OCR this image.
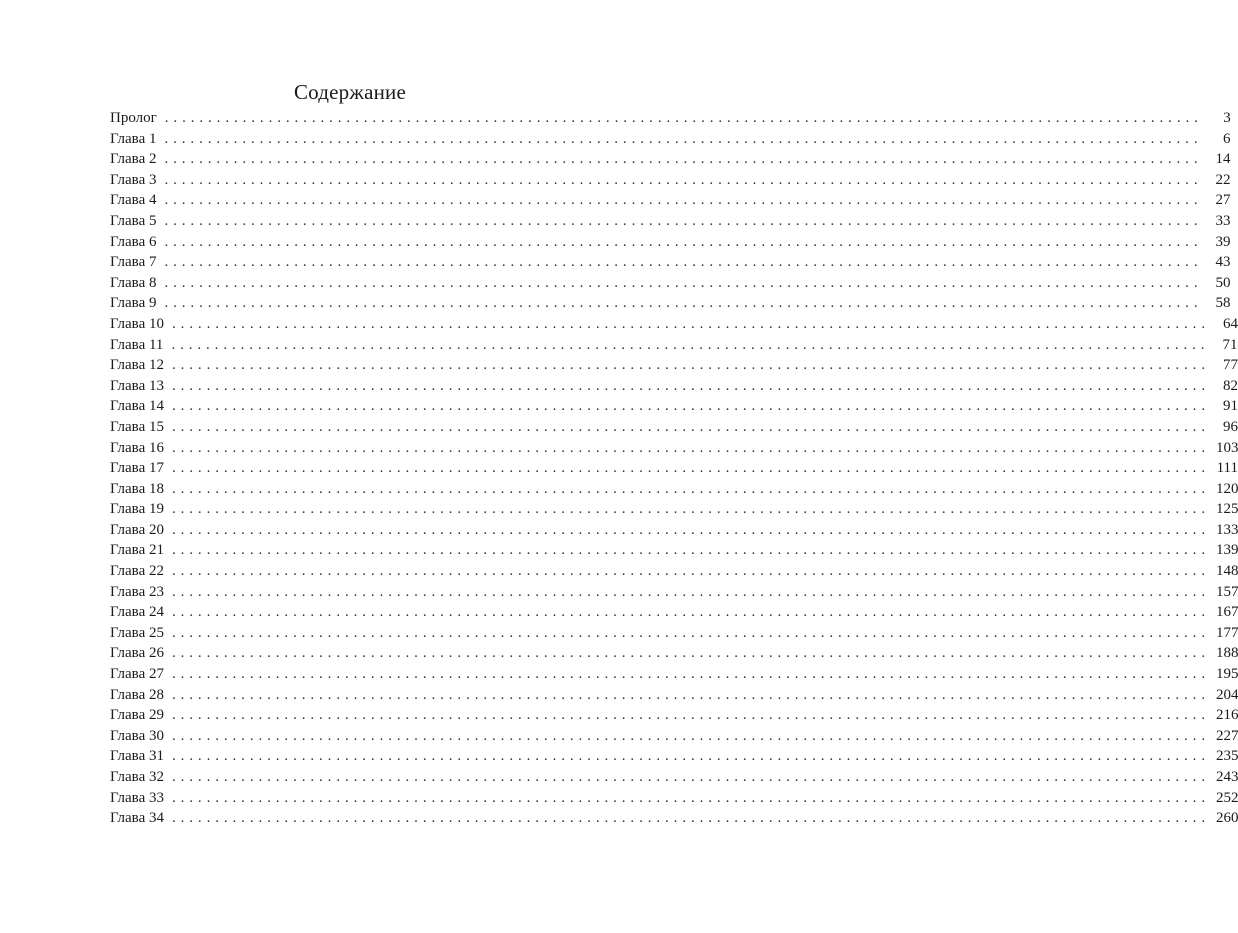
Содержание
Пролог ........................................................................................................................	3
Глава 1 ........................................................................................................................	6
Глава 2 ........................................................................................................................ 14
Глава 3 ........................................................................................................................ 22
Глава 4 ........................................................................................................................ 27
Глава 5 ........................................................................................................................ 33
Глава 6 ........................................................................................................................ 39
Глава 7 ........................................................................................................................ 43
Глава 8 ........................................................................................................................ 50
Глава 9 ........................................................................................................................ 58
Глава 10 ........................................................................................................................ 64
Глава 11 ........................................................................................................................ 71
Глава 12 ........................................................................................................................ 77
Глава 13 ........................................................................................................................ 82
Глава 14 ........................................................................................................................ 91
Глава 15 ........................................................................................................................ 96
Глава 16 ........................................................................................................................ 103
Глава 17 ........................................................................................................................ 111
Глава 18 ........................................................................................................................ 120
Глава 19 ........................................................................................................................ 125
Глава 20 ........................................................................................................................ 133
Глава 21 ........................................................................................................................ 139
Глава 22 ........................................................................................................................ 148
Глава 23 ........................................................................................................................ 157
Глава 24 ........................................................................................................................ 167
Глава 25 ........................................................................................................................ 177
Глава 26 ........................................................................................................................ 188
Глава 27 ........................................................................................................................ 195
Глава 28 ........................................................................................................................ 204
Глава 29 ........................................................................................................................ 216
Глава 30 ........................................................................................................................ 227
Глава 31 ........................................................................................................................ 235
Глава 32 ........................................................................................................................ 243
Глава 33 ........................................................................................................................ 252
Глава 34 ........................................................................................................................ 260
